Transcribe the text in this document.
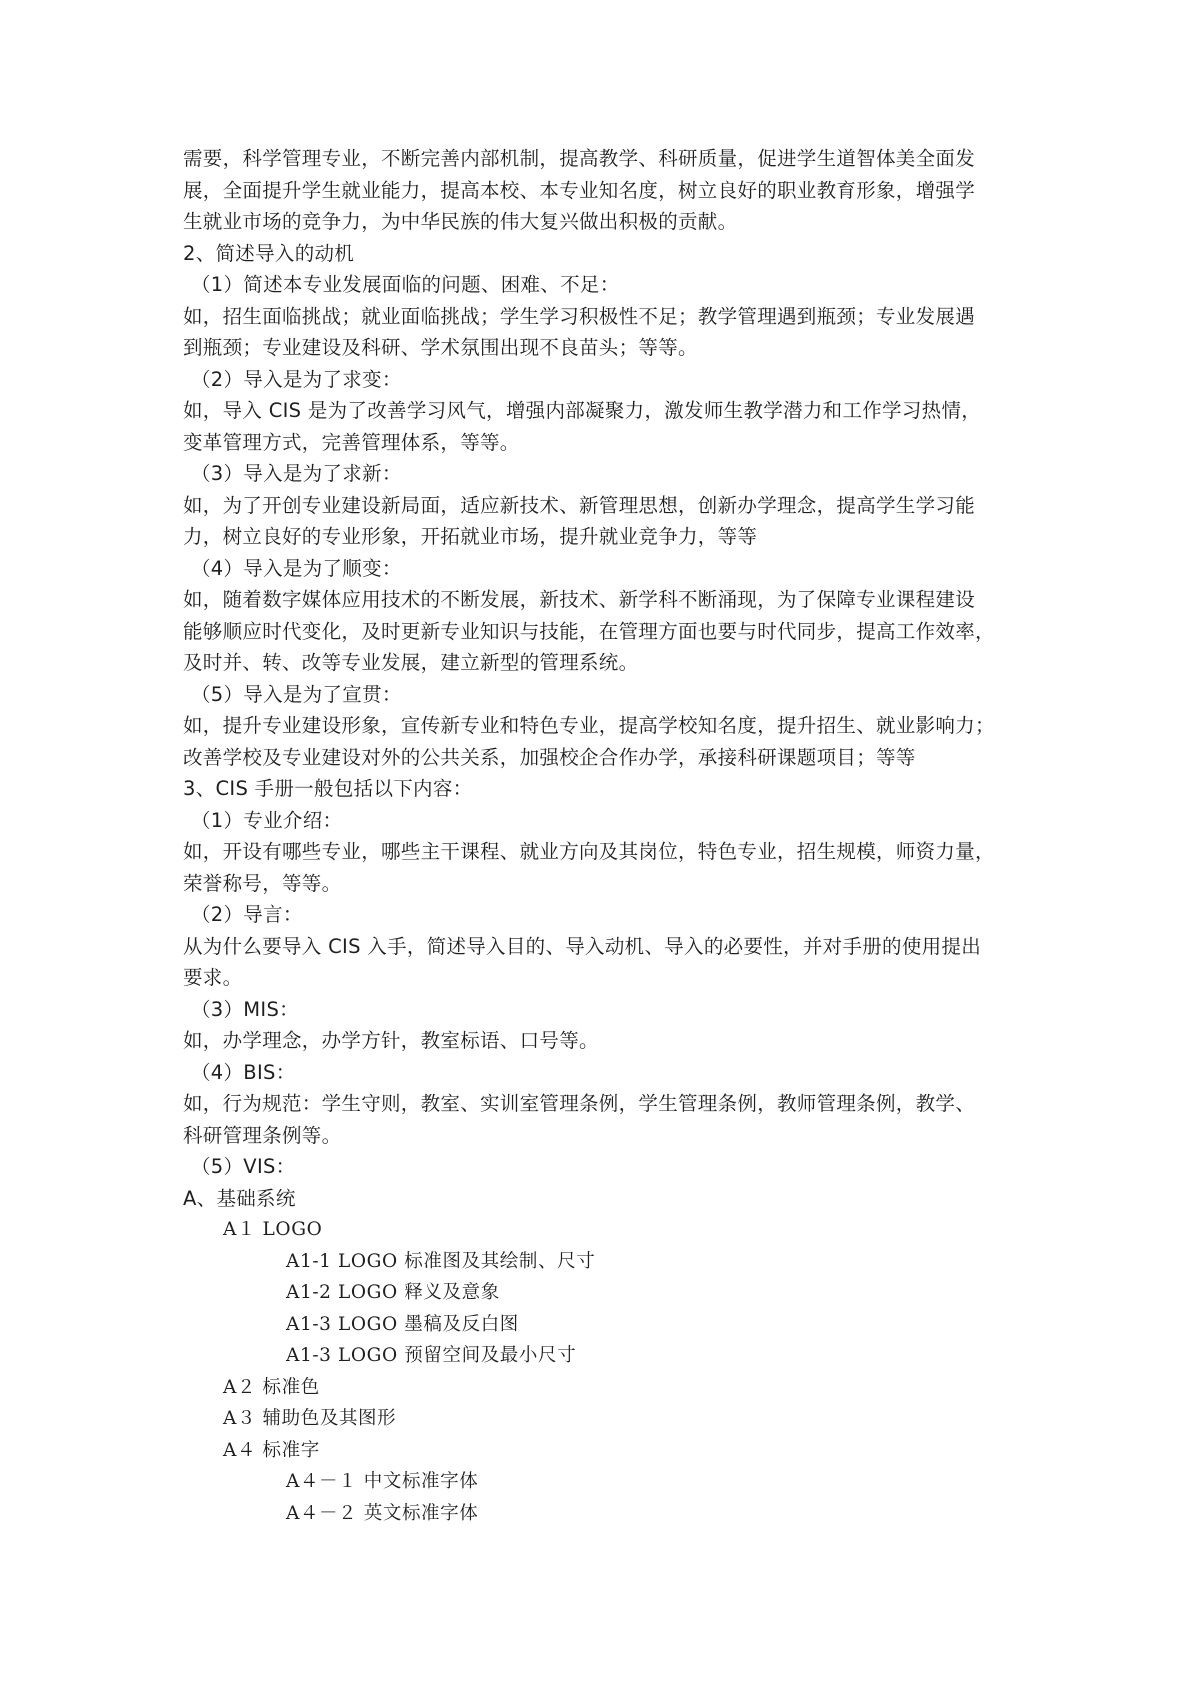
需要，科学管理专业，不断完善内部机制，提高教学、科研质量，促进学生道智体美全面发
展，全面提升学生就业能力，提高本校、本专业知名度，树立良好的职业教育形象，增强学
生就业市场的竞争力，为中华民族的伟大复兴做出积极的贡献。
2、简述导入的动机
（1）简述本专业发展面临的问题、困难、不足：
如，招生面临挑战；就业面临挑战；学生学习积极性不足；教学管理遇到瓶颈；专业发展遇
到瓶颈；专业建设及科研、学术氛围出现不良苗头；等等。
（2）导入是为了求变：
如，导入 CIS 是为了改善学习风气，增强内部凝聚力，激发师生教学潜力和工作学习热情，
变革管理方式，完善管理体系，等等。
（3）导入是为了求新：
如，为了开创专业建设新局面，适应新技术、新管理思想，创新办学理念，提高学生学习能
力，树立良好的专业形象，开拓就业市场，提升就业竞争力，等等
（4）导入是为了顺变：
如，随着数字媒体应用技术的不断发展，新技术、新学科不断涌现，为了保障专业课程建设
能够顺应时代变化，及时更新专业知识与技能，在管理方面也要与时代同步，提高工作效率，
及时并、转、改等专业发展，建立新型的管理系统。
（5）导入是为了宣贯：
如，提升专业建设形象，宣传新专业和特色专业，提高学校知名度，提升招生、就业影响力；
改善学校及专业建设对外的公共关系，加强校企合作办学，承接科研课题项目；等等
3、CIS 手册一般包括以下内容：
（1）专业介绍：
如，开设有哪些专业，哪些主干课程、就业方向及其岗位，特色专业，招生规模，师资力量，
荣誉称号，等等。
（2）导言：
从为什么要导入 CIS 入手，简述导入目的、导入动机、导入的必要性，并对手册的使用提出
要求。
（3）MIS：
如，办学理念，办学方针，教室标语、口号等。
（4）BIS：
如，行为规范：学生守则，教室、实训室管理条例，学生管理条例，教师管理条例，教学、
科研管理条例等。
（5）VIS：
A、基础系统
A１ LOGO
A1-1 LOGO 标准图及其绘制、尺寸
A1-2 LOGO 释义及意象
A1-3 LOGO 墨稿及反白图
A1-3 LOGO 预留空间及最小尺寸
A２ 标准色
A３ 辅助色及其图形
A４ 标准字
A４－１ 中文标准字体
A４－２ 英文标准字体
